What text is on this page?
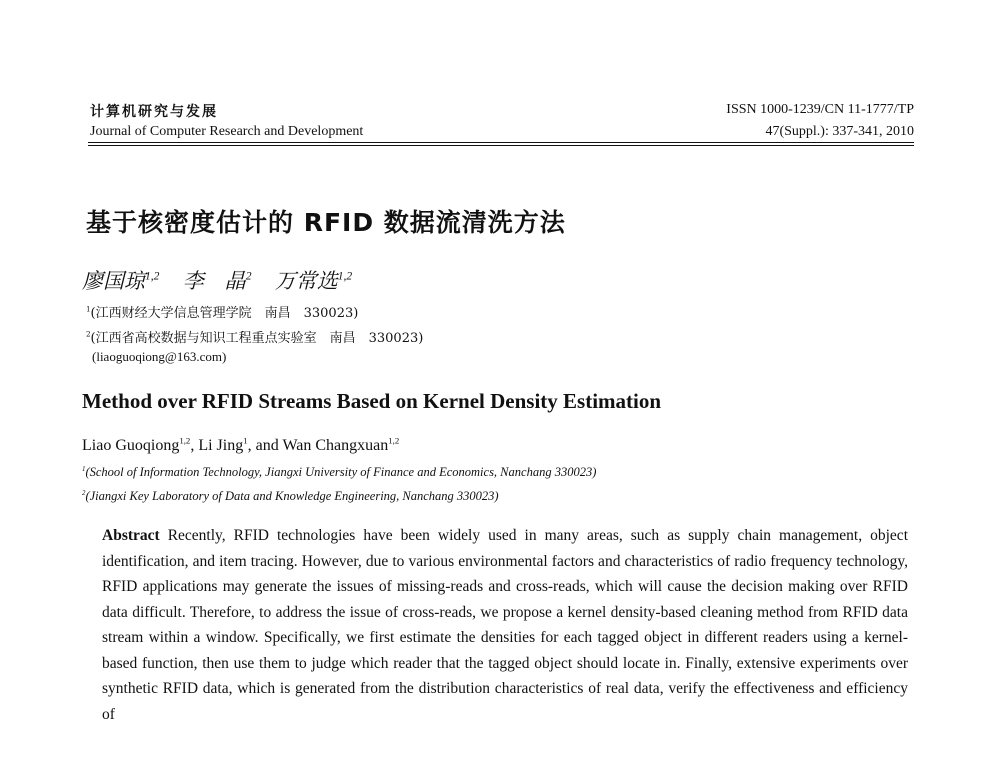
计算机研究与发展
Journal of Computer Research and Development
ISSN 1000-1239/CN 11-1777/TP
47(Suppl.): 337-341, 2010
基于核密度估计的 RFID 数据流清洗方法
廖国琼$^{1,2}$ 李　晶$^2$ 万常选$^{1,2}$
$^1$(江西财经大学信息管理学院　南昌　330023)
$^2$(江西省高校数据与知识工程重点实验室　南昌　330023)
(liaoguoqiong@163.com)
Method over RFID Streams Based on Kernel Density Estimation
Liao Guoqiong$^{1,2}$, Li Jing$^1$, and Wan Changxuan$^{1,2}$
$^1$(School of Information Technology, Jiangxi University of Finance and Economics, Nanchang 330023)
$^2$(Jiangxi Key Laboratory of Data and Knowledge Engineering, Nanchang 330023)
Abstract Recently, RFID technologies have been widely used in many areas, such as supply chain management, object identification, and item tracing. However, due to various environmental factors and characteristics of radio frequency technology, RFID applications may generate the issues of missing-reads and cross-reads, which will cause the decision making over RFID data difficult. Therefore, to address the issue of cross-reads, we propose a kernel density-based cleaning method from RFID data stream within a window. Specifically, we first estimate the densities for each tagged object in different readers using a kernel-based function, then use them to judge which reader that the tagged object should locate in. Finally, extensive experiments over synthetic RFID data, which is generated from the distribution characteristics of real data, verify the effectiveness and efficiency of
